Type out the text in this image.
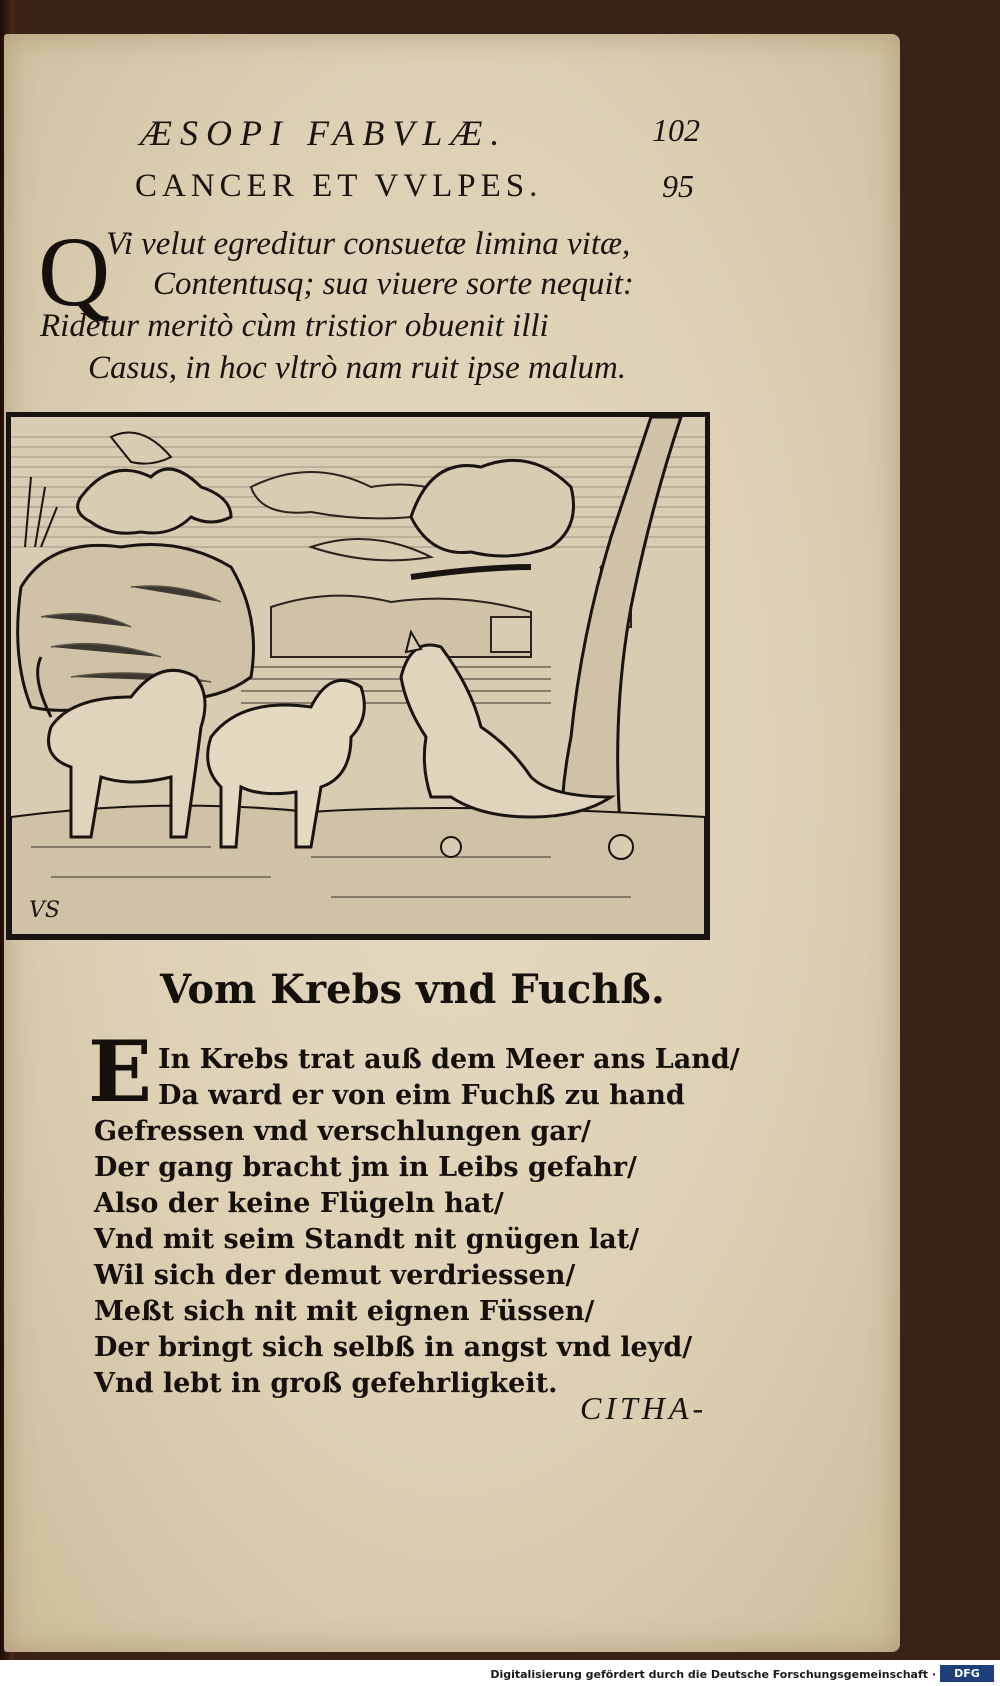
ÆSOPI FABVLÆ.	102
CANCER ET VVLPES.	95
Q
Vi velut egreditur consuetæ limina vitæ,
Contentusq; sua viuere sorte nequit:
Ridetur meritò cùm tristior obuenit illi
Casus, in hoc vltrò nam ruit ipse malum.
VS
Vom Krebs vnd Fuchß.
E In Krebs trat auß dem Meer ans Land/
Da ward er von eim Fuchß zu hand
Gefressen vnd verschlungen gar/
Der gang bracht jm in Leibs gefahr/
Also der keine Flügeln hat/
Vnd mit seim Standt nit gnügen lat/
Wil sich der demut verdriessen/
Meßt sich nit mit eignen Füssen/
Der bringt sich selbß in angst vnd leyd/
Vnd lebt in groß gefehrligkeit.
CITHA-
Digitalisierung gefördert durch die Deutsche Forschungsgemeinschaft ·	DFG
